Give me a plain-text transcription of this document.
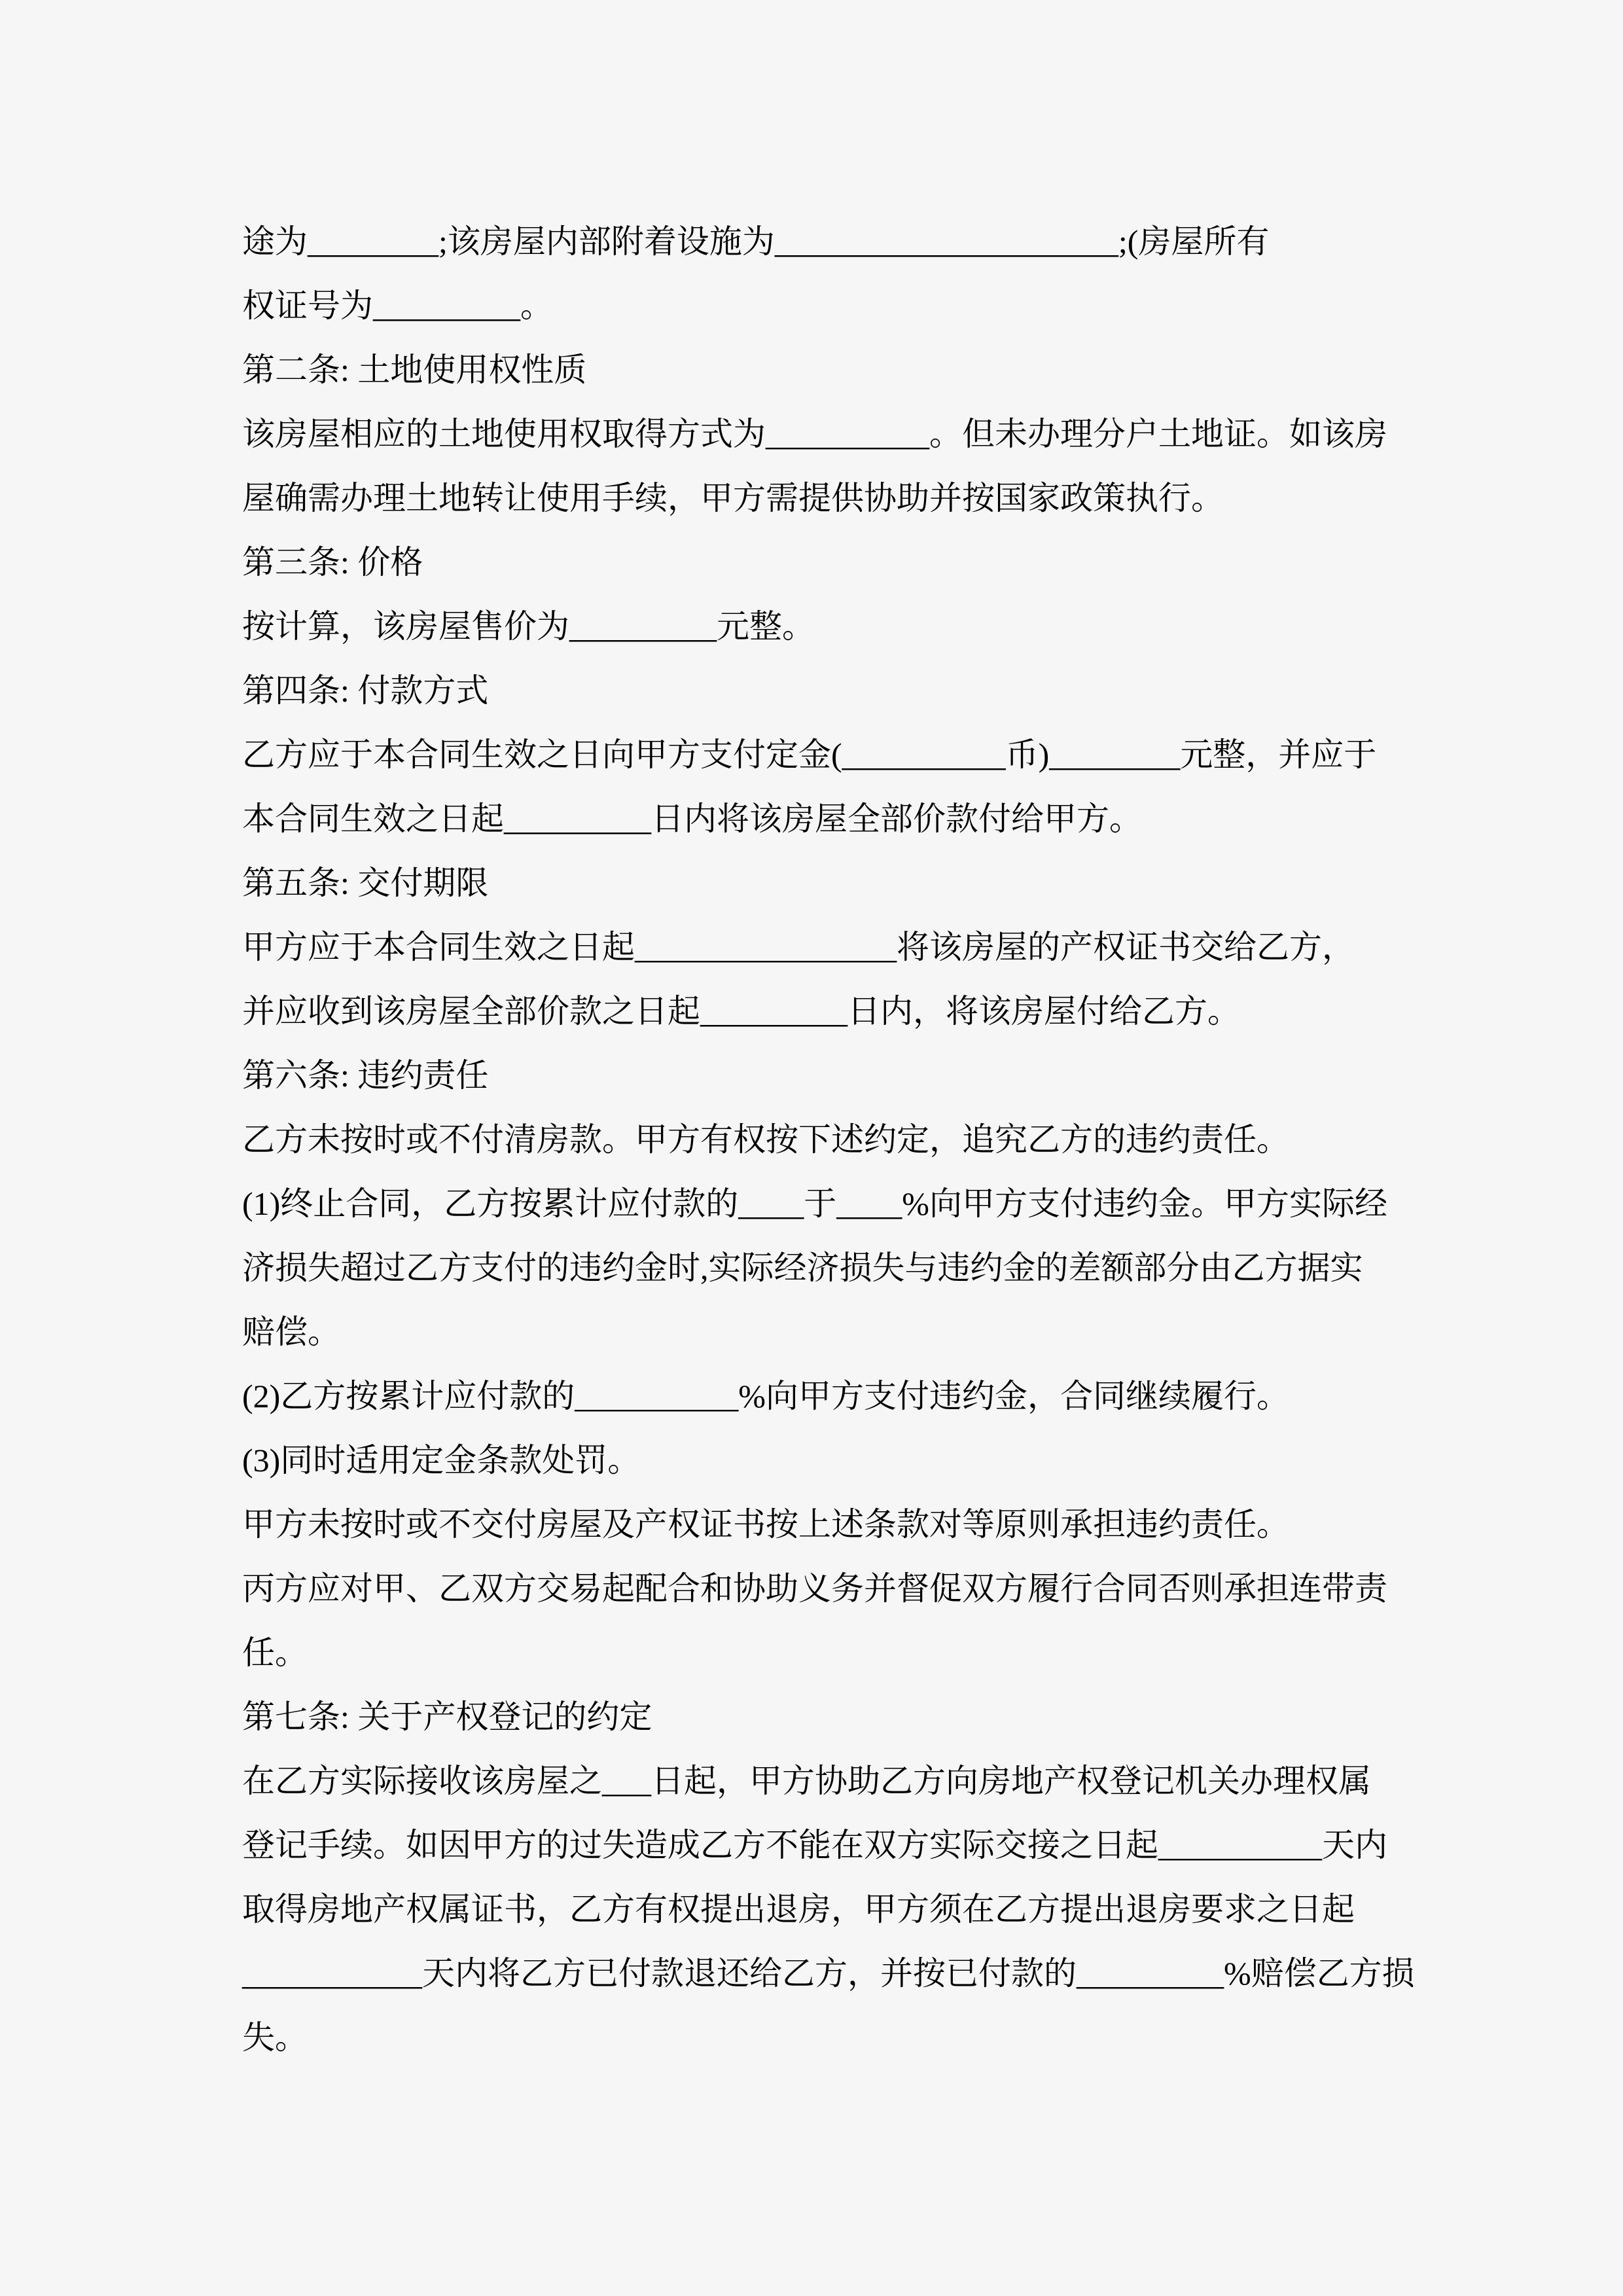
途为________;该房屋内部附着设施为_____________________;(房屋所有
权证号为_________。
第二条: 土地使用权性质
该房屋相应的土地使用权取得方式为__________。但未办理分户土地证。如该房
屋确需办理土地转让使用手续，甲方需提供协助并按国家政策执行。
第三条: 价格
按计算，该房屋售价为_________元整。
第四条: 付款方式
乙方应于本合同生效之日向甲方支付定金(__________币)________元整，并应于
本合同生效之日起_________日内将该房屋全部价款付给甲方。
第五条: 交付期限
甲方应于本合同生效之日起________________将该房屋的产权证书交给乙方，
并应收到该房屋全部价款之日起_________日内，将该房屋付给乙方。
第六条: 违约责任
乙方未按时或不付清房款。甲方有权按下述约定，追究乙方的违约责任。
(1)终止合同，乙方按累计应付款的____于____%向甲方支付违约金。甲方实际经
济损失超过乙方支付的违约金时,实际经济损失与违约金的差额部分由乙方据实
赔偿。
(2)乙方按累计应付款的__________%向甲方支付违约金，合同继续履行。
(3)同时适用定金条款处罚。
甲方未按时或不交付房屋及产权证书按上述条款对等原则承担违约责任。
丙方应对甲、乙双方交易起配合和协助义务并督促双方履行合同否则承担连带责
任。
第七条: 关于产权登记的约定
在乙方实际接收该房屋之___日起，甲方协助乙方向房地产权登记机关办理权属
登记手续。如因甲方的过失造成乙方不能在双方实际交接之日起__________天内
取得房地产权属证书，乙方有权提出退房，甲方须在乙方提出退房要求之日起
___________天内将乙方已付款退还给乙方，并按已付款的_________%赔偿乙方损
失。
